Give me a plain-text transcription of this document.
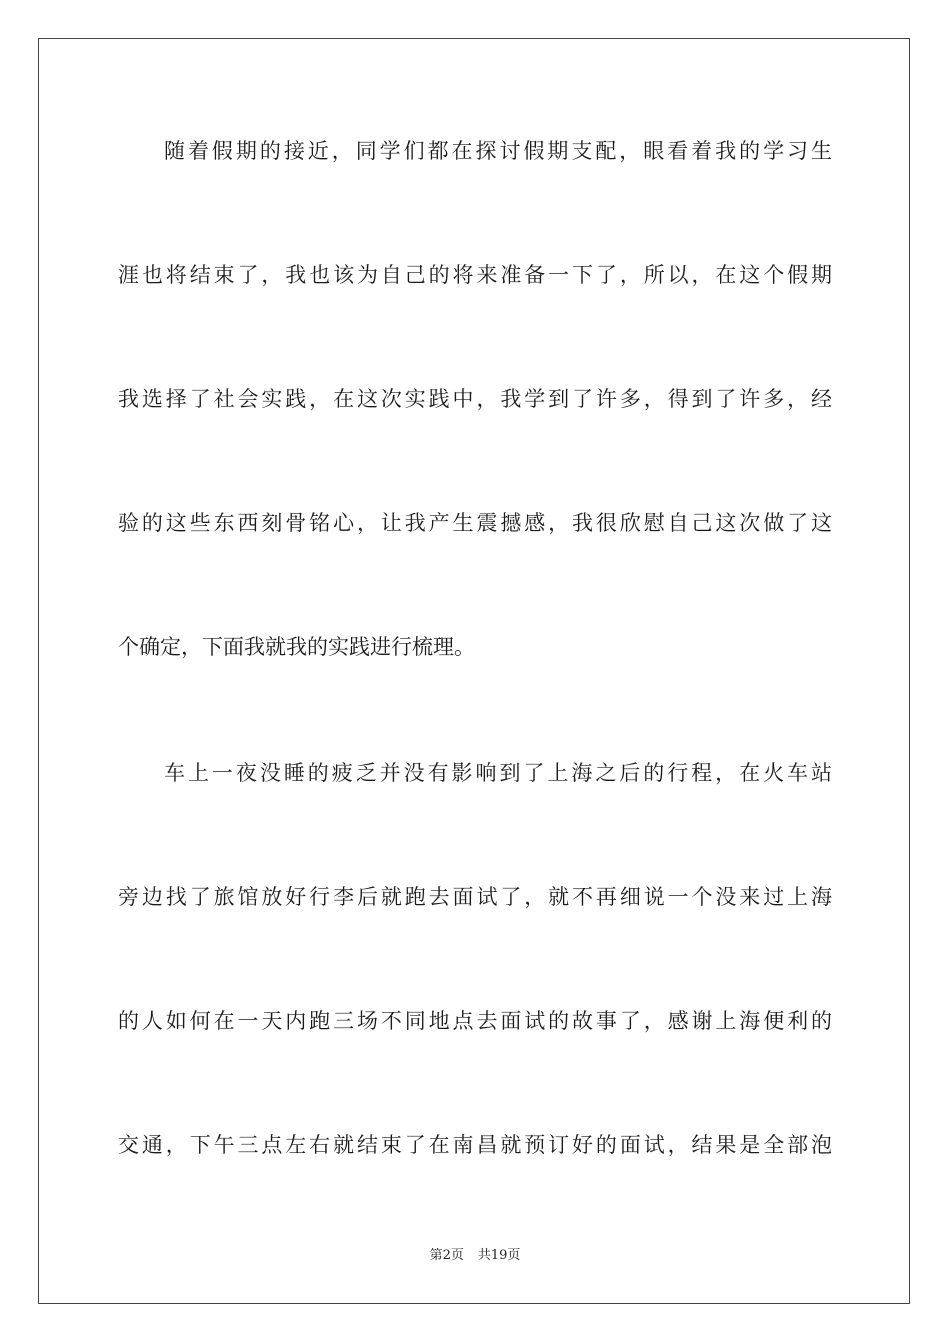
随着假期的接近，同学们都在探讨假期支配，眼看着我的学习生
涯也将结束了，我也该为自己的将来准备一下了，所以，在这个假期
我选择了社会实践，在这次实践中，我学到了许多，得到了许多，经
验的这些东西刻骨铭心，让我产生震撼感，我很欣慰自己这次做了这
个确定，下面我就我的实践进行梳理。
车上一夜没睡的疲乏并没有影响到了上海之后的行程，在火车站
旁边找了旅馆放好行李后就跑去面试了，就不再细说一个没来过上海
的人如何在一天内跑三场不同地点去面试的故事了，感谢上海便利的
交通，下午三点左右就结束了在南昌就预订好的面试，结果是全部泡
第2页 共19页
